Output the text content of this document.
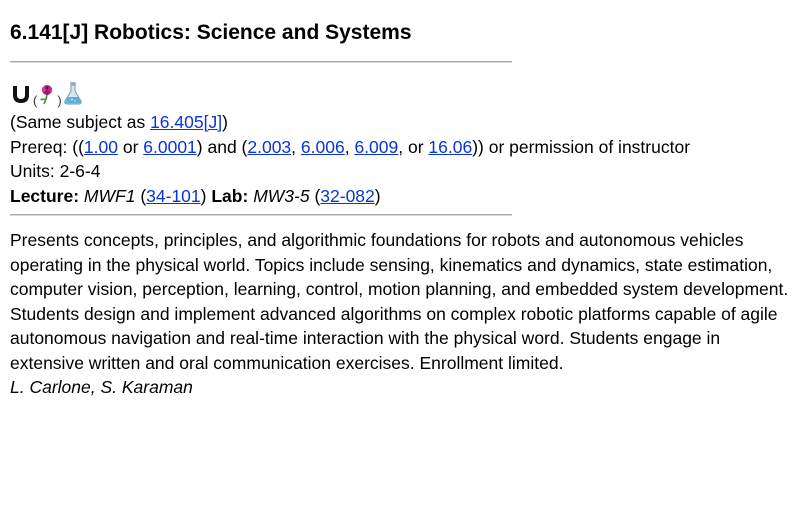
6.141[J] Robotics: Science and Systems
( )
(Same subject as 16.405[J])
Prereq: ((1.00 or 6.0001) and (2.003, 6.006, 6.009, or 16.06)) or permission of instructor
Units: 2-6-4
Lecture: MWF1 (34-101) Lab: MW3-5 (32-082)
Presents concepts, principles, and algorithmic foundations for robots and autonomous vehicles operating in the physical world. Topics include sensing, kinematics and dynamics, state estimation, computer vision, perception, learning, control, motion planning, and embedded system development. Students design and implement advanced algorithms on complex robotic platforms capable of agile autonomous navigation and real-time interaction with the physical word. Students engage in extensive written and oral communication exercises. Enrollment limited.
L. Carlone, S. Karaman
